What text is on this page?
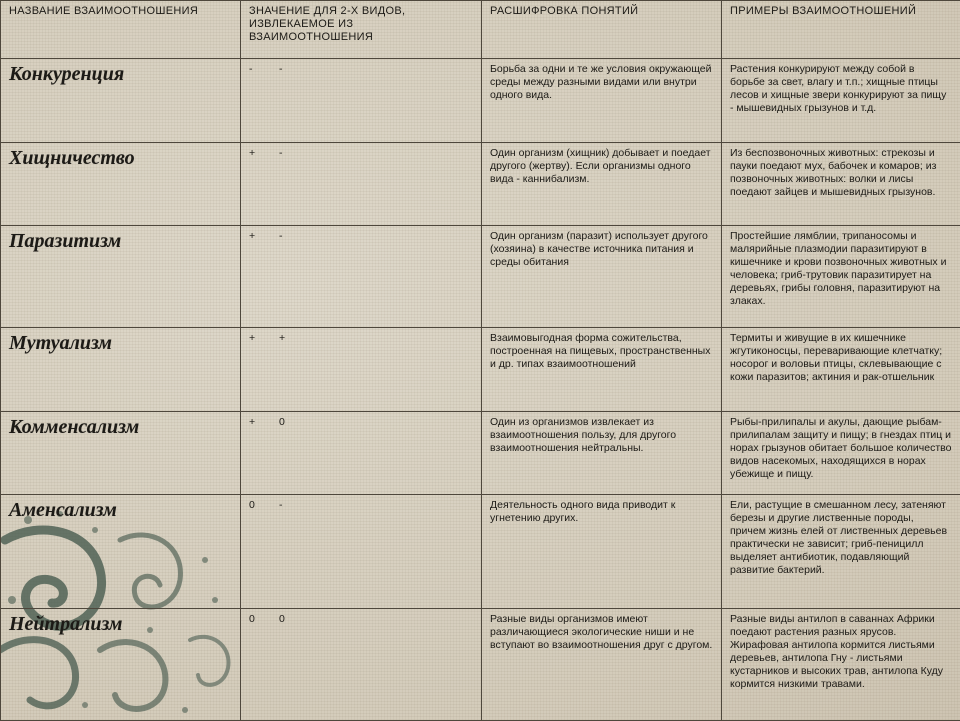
НАЗВАНИЕ ВЗАИМООТНОШЕНИЯ	ЗНАЧЕНИЕ ДЛЯ 2-Х ВИДОВ, ИЗВЛЕКАЕМОЕ ИЗ ВЗАИМООТНОШЕНИЯ	РАСШИФРОВКА ПОНЯТИЙ	ПРИМЕРЫ ВЗАИМООТНОШЕНИЙ
Конкуренция	- -	Борьба за одни и те же условия окружающей среды между разными видами или внутри одного вида.	Растения конкурируют между собой в борьбе за свет, влагу и т.п.; хищные птицы лесов и хищные звери конкурируют за пищу - мышевидных грызунов и т.д.
Хищничество	+ -	Один организм (хищник) добывает и поедает другого (жертву). Если организмы одного вида - каннибализм.	Из беспозвоночных животных: стрекозы и пауки поедают мух, бабочек и комаров; из позвоночных животных: волки и лисы поедают зайцев и мышевидных грызунов.
Паразитизм	+ -	Один организм (паразит) использует другого (хозяина) в качестве источника питания и среды обитания	Простейшие лямблии, трипаносомы и малярийные плазмодии паразитируют в кишечнике и крови позвоночных животных и человека; гриб-трутовик паразитирует на деревьях, грибы головня, паразитируют на злаках.
Мутуализм	+ +	Взаимовыгодная форма сожительства, построенная на пищевых, пространственных и др. типах взаимоотношений	Термиты и живущие в их кишечнике жгутиконосцы, переваривающие клетчатку; носорог и воловьи птицы, склевывающие с кожи паразитов; актиния и рак-отшельник
Комменсализм	+ 0	Один из организмов извлекает из взаимоотношения пользу, для другого взаимоотношения нейтральны.	Рыбы-прилипалы и акулы, дающие рыбам-прилипалам защиту и пищу; в гнездах птиц и норах грызунов обитает большое количество видов насекомых, находящихся в норах убежище и пищу.
Аменсализм	0 -	Деятельность одного вида приводит к угнетению других.	Ели, растущие в смешанном лесу, затеняют березы и другие лиственные породы, причем жизнь елей от лиственных деревьев практически не зависит; гриб-пеницилл выделяет антибиотик, подавляющий развитие бактерий.
Нейтрализм	0 0	Разные виды организмов имеют различающиеся экологические ниши и не вступают во взаимоотношения друг с другом.	Разные виды антилоп в саваннах Африки поедают растения разных ярусов. Жирафовая антилопа кормится листьями деревьев, антилопа Гну - листьями кустарников и высоких трав, антилопа Куду кормится низкими травами.
